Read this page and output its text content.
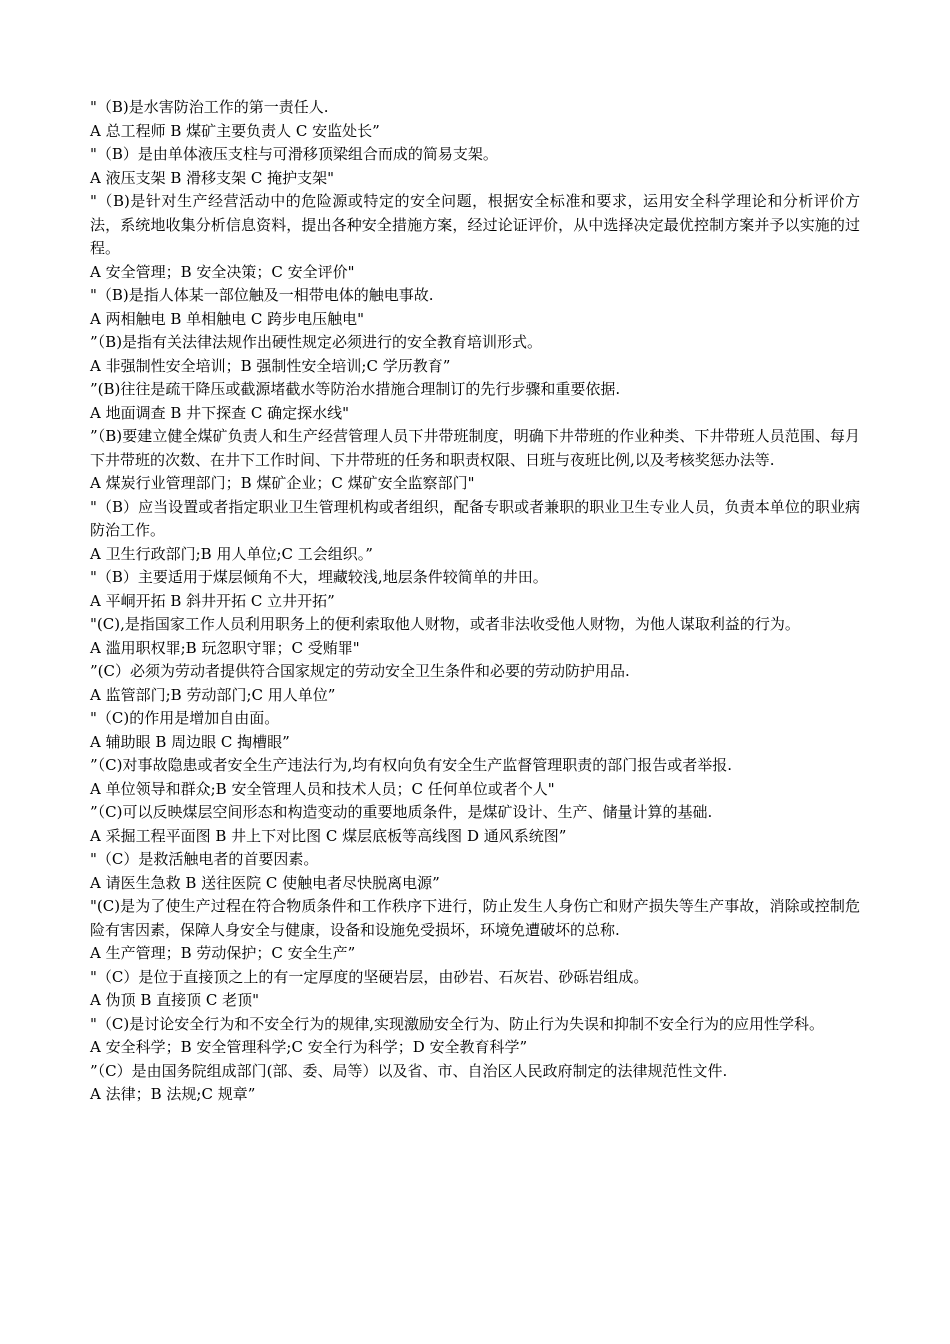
"（B)是水害防治工作的第一责任人.

A 总工程师 B 煤矿主要负责人 C 安监处长”

"（B）是由单体液压支柱与可滑移顶梁组合而成的简易支架。

A 液压支架 B 滑移支架 C 掩护支架"

"（B)是针对生产经营活动中的危险源或特定的安全问题，根据安全标准和要求，运用安全科学理论和分析评价方法，系统地收集分析信息资料，提出各种安全措施方案，经过论证评价，从中选择决定最优控制方案并予以实施的过程。

A 安全管理；B 安全决策；C 安全评价"

"（B)是指人体某一部位触及一相带电体的触电事故.

A 两相触电 B 单相触电 C 跨步电压触电"

”（B)是指有关法律法规作出硬性规定必须进行的安全教育培训形式。

A 非强制性安全培训；B 强制性安全培训;C 学历教育”

”(B)往往是疏干降压或截源堵截水等防治水措施合理制订的先行步骤和重要依据.

A 地面调查 B 井下探查 C 确定探水线"

”（B)要建立健全煤矿负责人和生产经营管理人员下井带班制度，明确下井带班的作业种类、下井带班人员范围、每月下井带班的次数、在井下工作时间、下井带班的任务和职责权限、日班与夜班比例,以及考核奖惩办法等.

A 煤炭行业管理部门；B 煤矿企业；C 煤矿安全监察部门"

"（B）应当设置或者指定职业卫生管理机构或者组织，配备专职或者兼职的职业卫生专业人员，负责本单位的职业病防治工作。

A 卫生行政部门;B 用人单位;C 工会组织。”

"（B）主要适用于煤层倾角不大，埋藏较浅,地层条件较简单的井田。

A 平峒开拓 B 斜井开拓 C 立井开拓”

"(C),是指国家工作人员利用职务上的便利索取他人财物，或者非法收受他人财物，为他人谋取利益的行为。

A 滥用职权罪;B 玩忽职守罪；C 受贿罪"

”(C）必须为劳动者提供符合国家规定的劳动安全卫生条件和必要的劳动防护用品.

A 监管部门;B 劳动部门;C 用人单位”

"（C)的作用是增加自由面。

A 辅助眼 B 周边眼 C 掏槽眼”

”（C)对事故隐患或者安全生产违法行为,均有权向负有安全生产监督管理职责的部门报告或者举报.

A 单位领导和群众;B 安全管理人员和技术人员；C 任何单位或者个人"

”（C)可以反映煤层空间形态和构造变动的重要地质条件，是煤矿设计、生产、储量计算的基础.

A 采掘工程平面图 B 井上下对比图 C 煤层底板等高线图 D 通风系统图”

"（C）是救活触电者的首要因素。

A 请医生急救 B 送往医院 C 使触电者尽快脱离电源”

"(C)是为了使生产过程在符合物质条件和工作秩序下进行，防止发生人身伤亡和财产损失等生产事故，消除或控制危险有害因素，保障人身安全与健康，设备和设施免受损坏，环境免遭破坏的总称.

A 生产管理；B 劳动保护；C 安全生产”

"（C）是位于直接顶之上的有一定厚度的坚硬岩层，由砂岩、石灰岩、砂砾岩组成。

A 伪顶 B 直接顶 C 老顶"

"（C)是讨论安全行为和不安全行为的规律,实现激励安全行为、防止行为失误和抑制不安全行为的应用性学科。

A 安全科学；B 安全管理科学;C 安全行为科学；D 安全教育科学”

”（C）是由国务院组成部门(部、委、局等）以及省、市、自治区人民政府制定的法律规范性文件.

A 法律；B 法规;C 规章”
